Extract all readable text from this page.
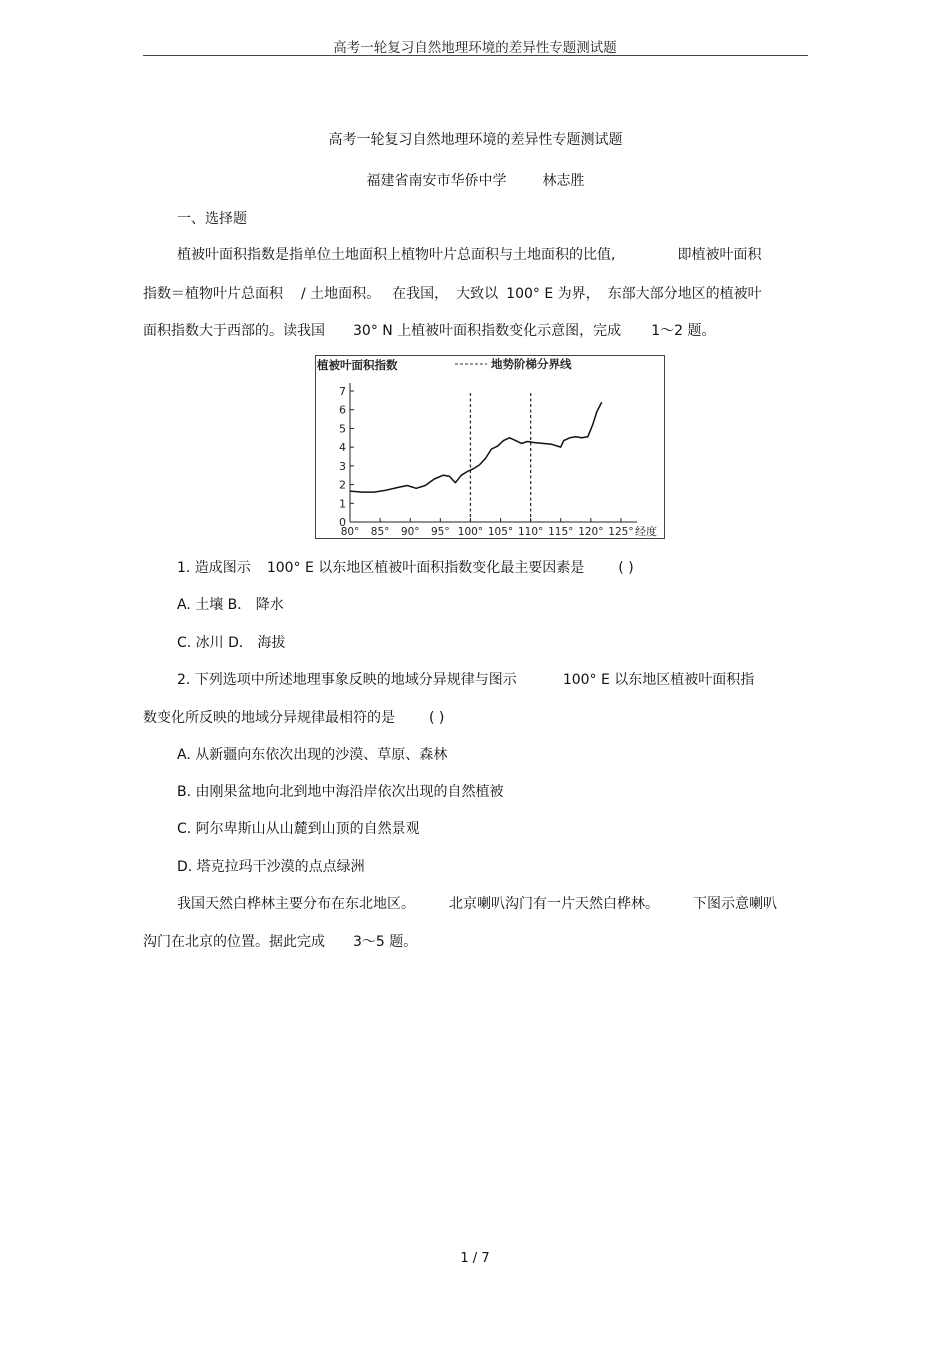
高考一轮复习自然地理环境的差异性专题测试题
高考一轮复习自然地理环境的差异性专题测试题
福建省南安市华侨中学	林志胜
一、选择题
植被叶面积指数是指单位土地面积上植物叶片总面积与土地面积的比值,	即植被叶面积
指数＝植物叶片总面积 / 土地面积。 在我国， 大致以 100° E 为界， 东部大部分地区的植被叶
面积指数大于西部的。读我国 30° N 上植被叶面积指数变化示意图，完成 1～2 题。
植被叶面积指数	地势阶梯分界线
经度
0
1
2
3
4
5
6
7
80° 85° 90° 95° 100° 105° 110° 115° 120° 125°
1. 造成图示 100° E 以东地区植被叶面积指数变化最主要因素是 ( )
A. 土壤 B． 降水
C. 冰川 D． 海拔
2. 下列选项中所述地理事象反映的地域分异规律与图示	100° E 以东地区植被叶面积指
数变化所反映的地域分异规律最相符的是 ( )
A. 从新疆向东依次出现的沙漠、草原、森林
B. 由刚果盆地向北到地中海沿岸依次出现的自然植被
C. 阿尔卑斯山从山麓到山顶的自然景观
D. 塔克拉玛干沙漠的点点绿洲
我国天然白桦林主要分布在东北地区。 北京喇叭沟门有一片天然白桦林。 下图示意喇叭
沟门在北京的位置。据此完成 3～5 题。
1 / 7
